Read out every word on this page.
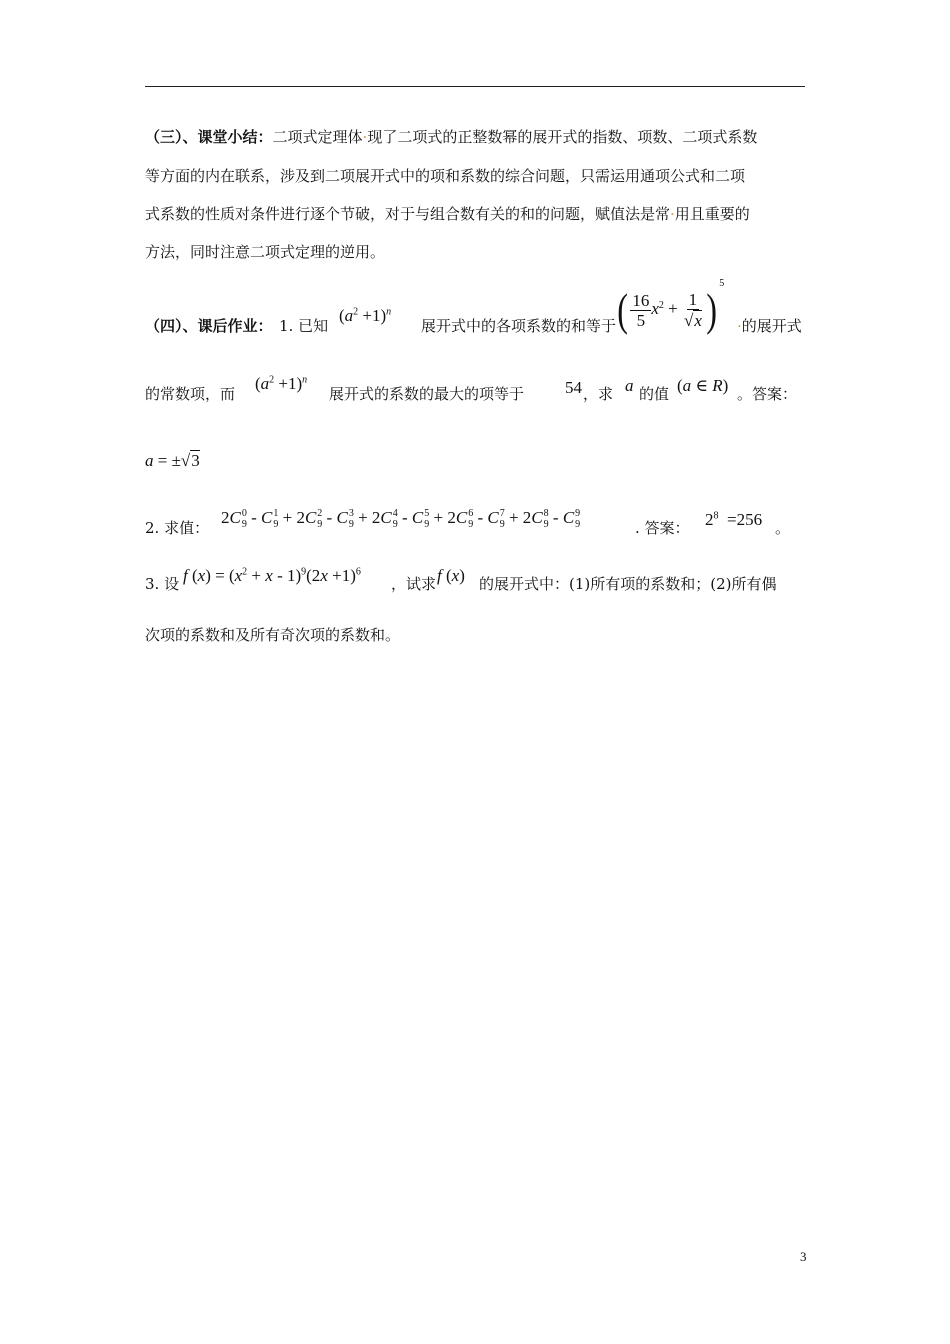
（三）、课堂小结：二项式定理体·现了二项式的正整数幂的展开式的指数、项数、二项式系数
等方面的内在联系，涉及到二项展开式中的项和系数的综合问题，只需运用通项公式和二项
式系数的性质对条件进行逐个节破，对于与组合数有关的和的问题，赋值法是常·用且重要的
方法，同时注意二项式定理的逆用。
（四）、课后作业： 1. 已知
$(a^2 +1)^n$
展开式中的各项系数的和等于 ( $\frac{16}{5} x^2 + \frac{1}{√x} )^5$
·的展开式
的常数项，而
$(a^2 +1)^n$
展开式的系数的最大的项等于 54 ，求 a 的值 (a ∈ R) 。答案：
a = ±√3
2. 求值：
2C 0
9 - C 1
9 + 2C 2
9 - C 3
9 + 2C 4
9 - C 5
9 + 2C 6
9 - C 7
9 + 2C 8
9 - C 9
9	. 答案： $2^8 =256$ 。
3. 设 f $(x) = (x^2 + x - 1)^9(2x +1)^6$
，试求 f (x) 的展开式中：(1)所有项的系数和；(2)所有偶
次项的系数和及所有奇次项的系数和。
3
